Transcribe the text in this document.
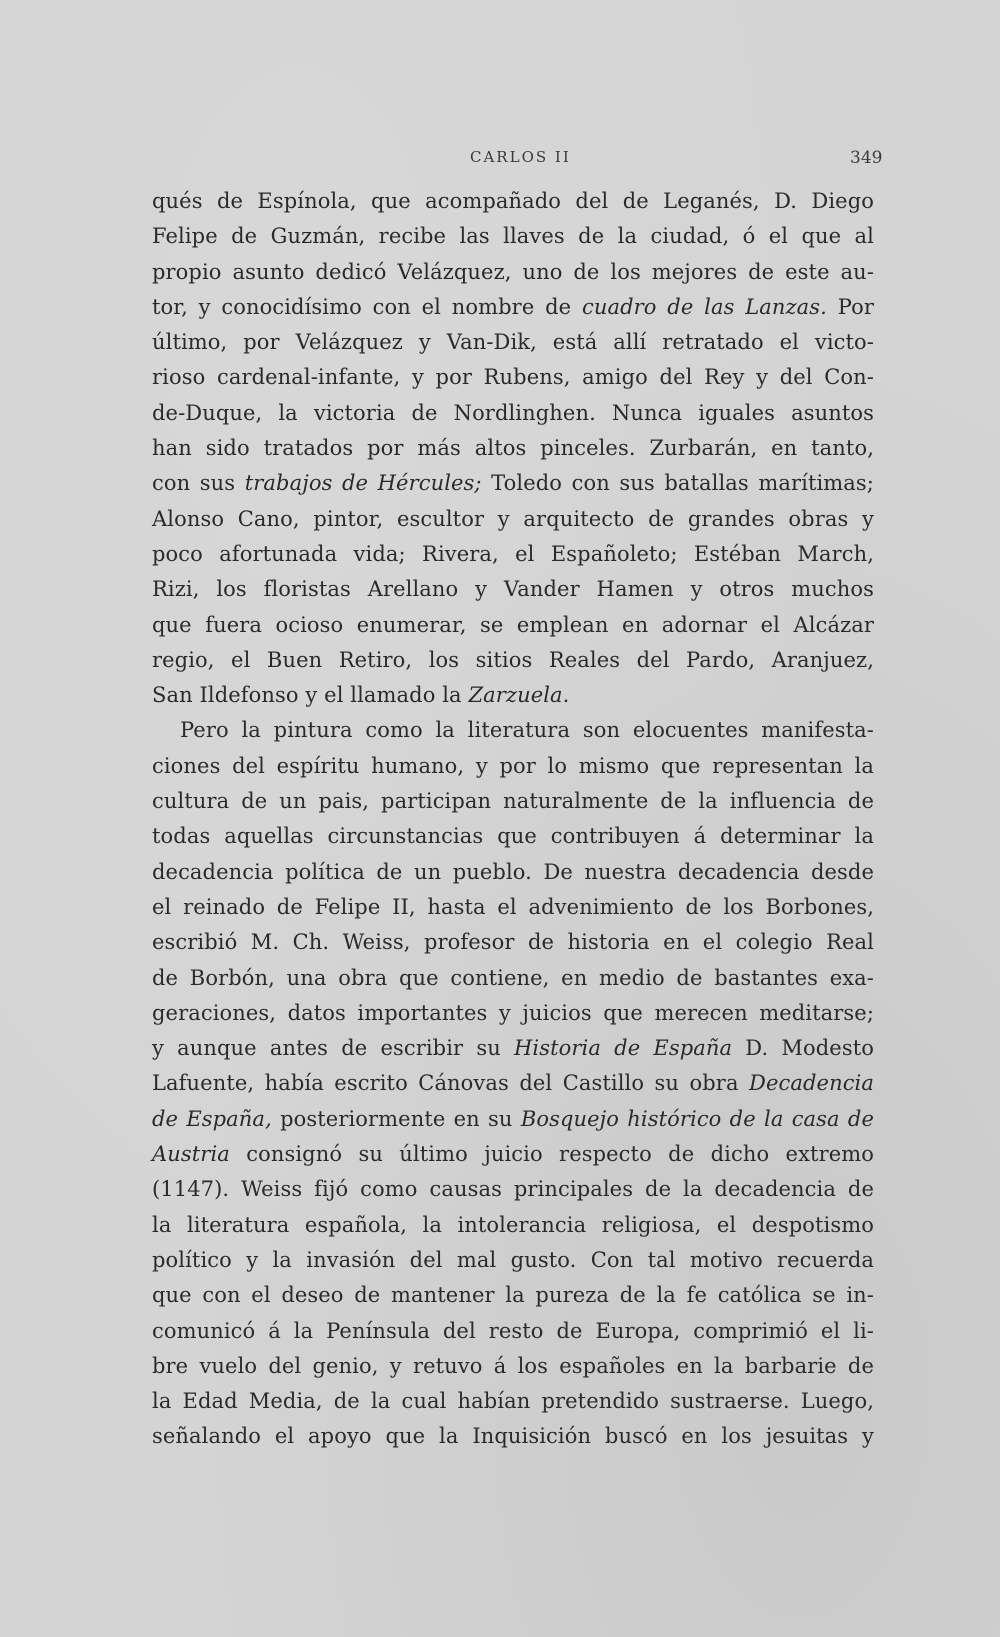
CARLOS II	349
qués de Espínola, que acompañado del de Leganés, D. Diego
Felipe de Guzmán, recibe las llaves de la ciudad, ó el que al
propio asunto dedicó Velázquez, uno de los mejores de este au-
tor, y conocidísimo con el nombre de cuadro de las Lanzas. Por
último, por Velázquez y Van-Dik, está allí retratado el victo-
rioso cardenal-infante, y por Rubens, amigo del Rey y del Con-
de-Duque, la victoria de Nordlinghen. Nunca iguales asuntos
han sido tratados por más altos pinceles. Zurbarán, en tanto,
con sus trabajos de Hércules; Toledo con sus batallas marítimas;
Alonso Cano, pintor, escultor y arquitecto de grandes obras y
poco afortunada vida; Rivera, el Españoleto; Estéban March,
Rizi, los floristas Arellano y Vander Hamen y otros muchos
que fuera ocioso enumerar, se emplean en adornar el Alcázar
regio, el Buen Retiro, los sitios Reales del Pardo, Aranjuez,
San Ildefonso y el llamado la Zarzuela.
Pero la pintura como la literatura son elocuentes manifesta-
ciones del espíritu humano, y por lo mismo que representan la
cultura de un pais, participan naturalmente de la influencia de
todas aquellas circunstancias que contribuyen á determinar la
decadencia política de un pueblo. De nuestra decadencia desde
el reinado de Felipe II, hasta el advenimiento de los Borbones,
escribió M. Ch. Weiss, profesor de historia en el colegio Real
de Borbón, una obra que contiene, en medio de bastantes exa-
geraciones, datos importantes y juicios que merecen meditarse;
y aunque antes de escribir su Historia de España D. Modesto
Lafuente, había escrito Cánovas del Castillo su obra Decadencia
de España, posteriormente en su Bosquejo histórico de la casa de
Austria consignó su último juicio respecto de dicho extremo
(1147). Weiss fijó como causas principales de la decadencia de
la literatura española, la intolerancia religiosa, el despotismo
político y la invasión del mal gusto. Con tal motivo recuerda
que con el deseo de mantener la pureza de la fe católica se in-
comunicó á la Península del resto de Europa, comprimió el li-
bre vuelo del genio, y retuvo á los españoles en la barbarie de
la Edad Media, de la cual habían pretendido sustraerse. Luego,
señalando el apoyo que la Inquisición buscó en los jesuitas y
